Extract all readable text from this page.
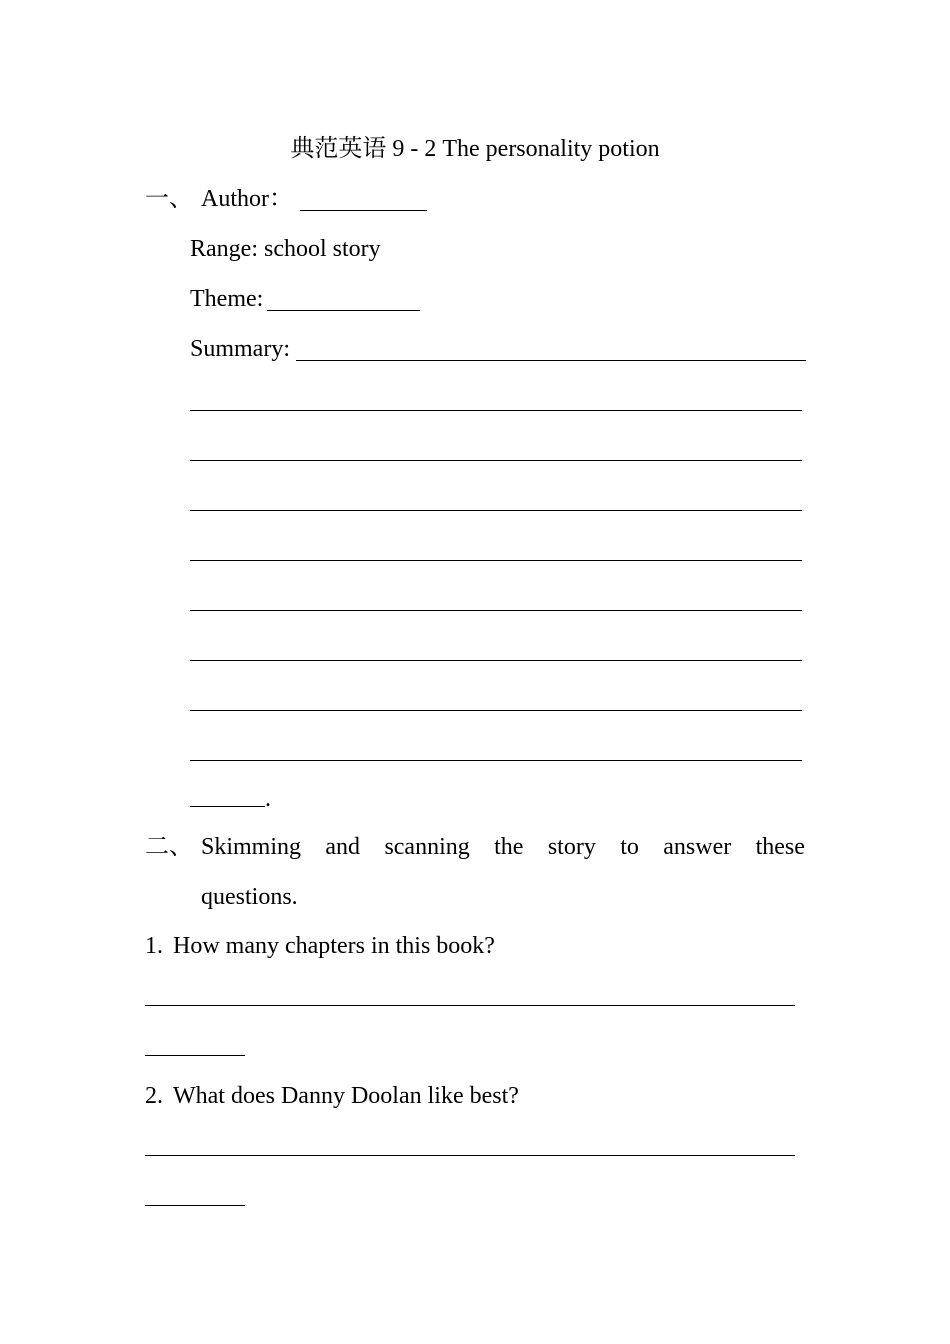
典范英语 9 - 2 The personality potion
一、 Author：
Range: school story
Theme:
Summary:
.
二、 Skimming and scanning the story to answer these
questions.
1. How many chapters in this book?
2. What does Danny Doolan like best?
